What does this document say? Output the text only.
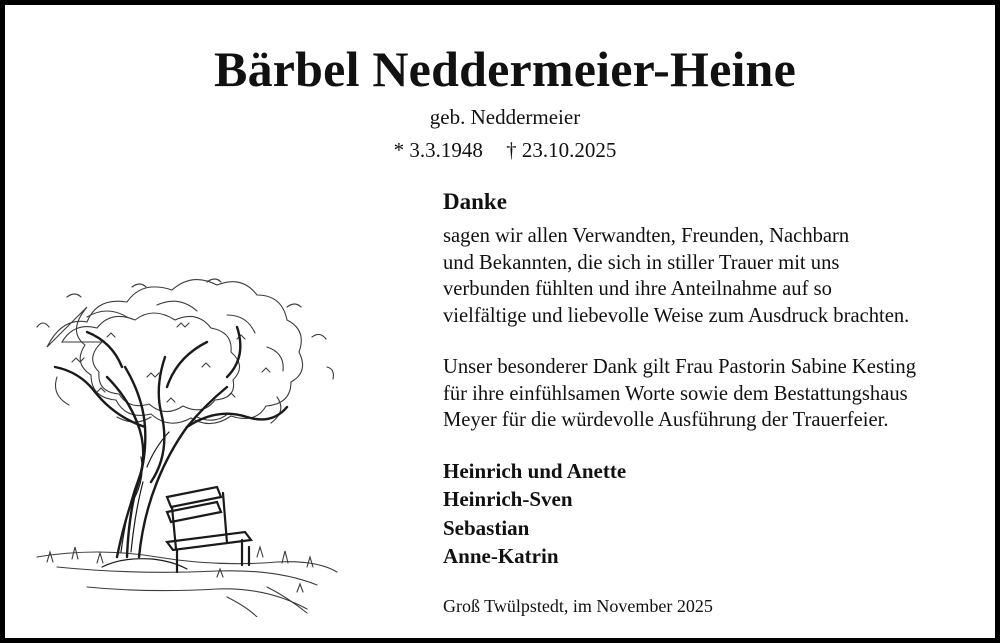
Bärbel Neddermeier-Heine
geb. Neddermeier
* 3.3.1948 † 23.10.2025
Danke
sagen wir allen Verwandten, Freunden, Nachbarn
und Bekannten, die sich in stiller Trauer mit uns
verbunden fühlten und ihre Anteilnahme auf so
vielfältige und liebevolle Weise zum Ausdruck brachten.
Unser besonderer Dank gilt Frau Pastorin Sabine Kesting
für ihre einfühlsamen Worte sowie dem Bestattungshaus
Meyer für die würdevolle Ausführung der Trauerfeier.
Heinrich und Anette
Heinrich-Sven
Sebastian
Anne-Katrin
Groß Twülpstedt, im November 2025
